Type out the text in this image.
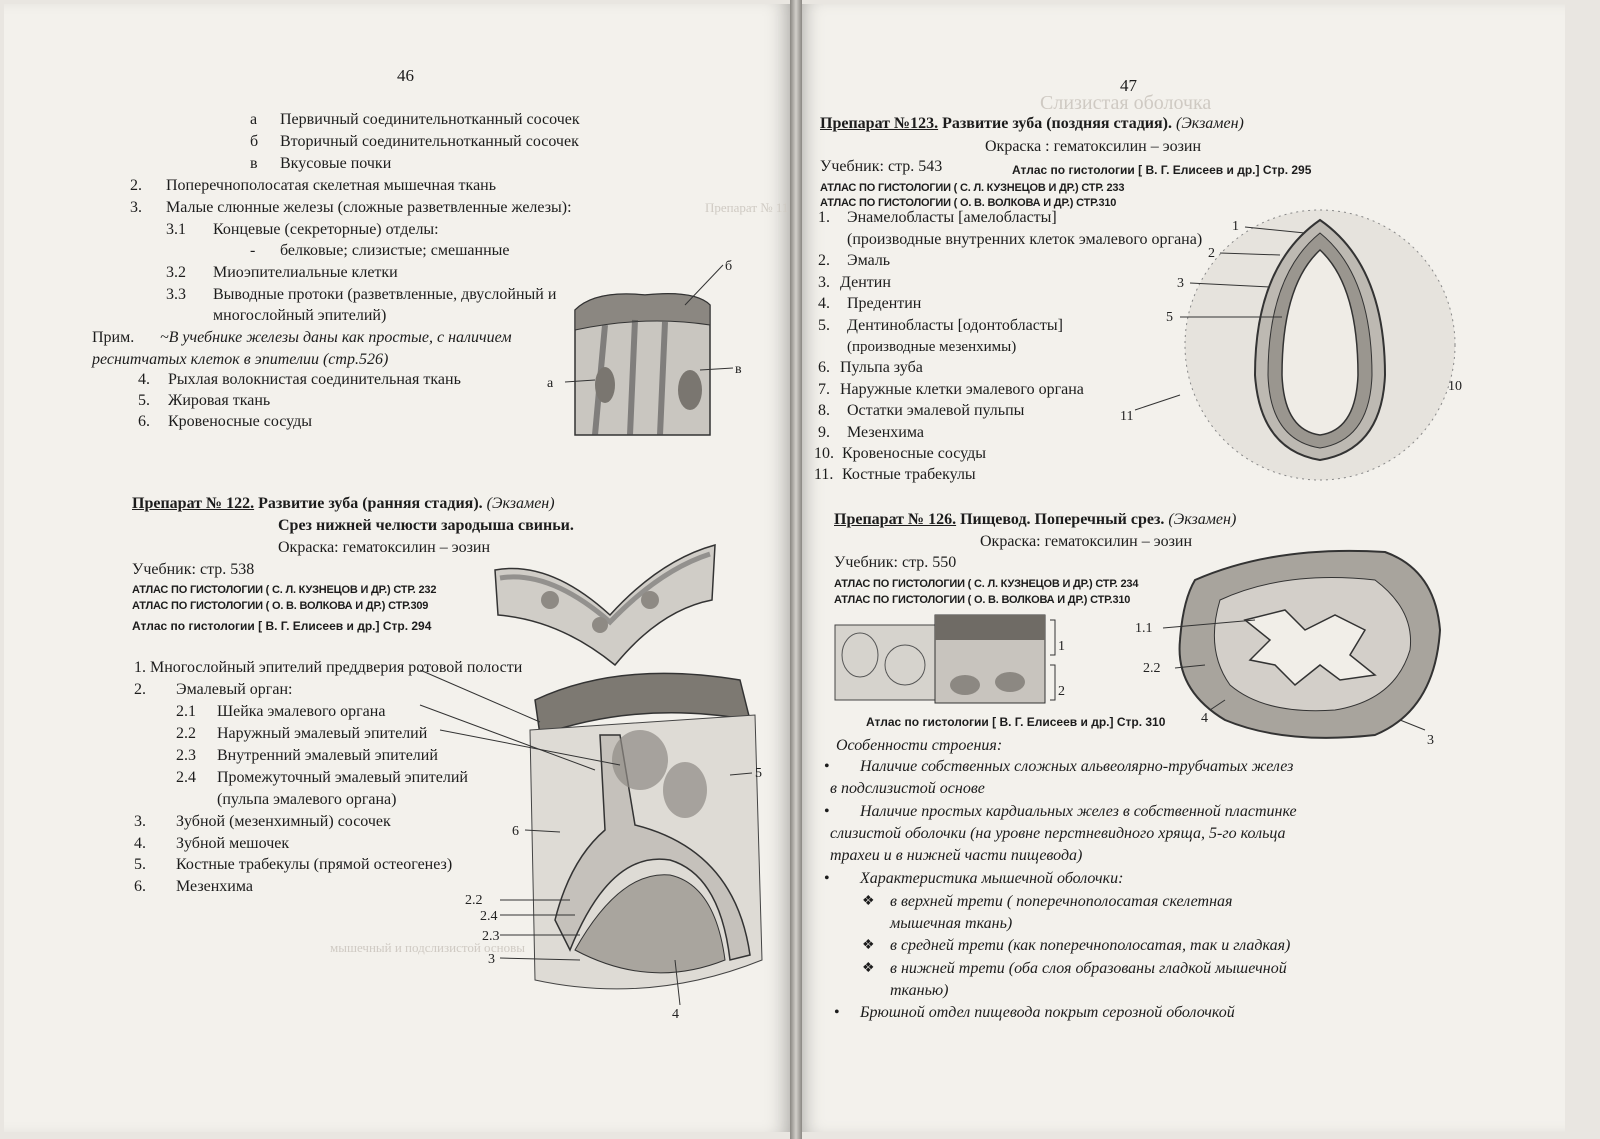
Препарат № 11
мышечный и подслизистой основы
Слизистая оболочка
46
а Первичный соединительнотканный сосочек
б Вторичный соединительнотканный сосочек
в Вкусовые почки
2. Поперечнополосатая скелетная мышечная ткань
3. Малые слюнные железы (сложные разветвленные железы):
3.1 Концевые (секреторные) отделы:
- белковые; слизистые; смешанные
3.2 Миоэпителиальные клетки
3.3 Выводные протоки (разветвленные, двуслойный и
многослойный эпителий)
Прим. ~В учебнике железы даны как простые, с наличием
реснитчатых клеток в эпителии (стр.526)
4. Рыхлая волокнистая соединительная ткань
5. Жировая ткань
6. Кровеносные сосуды
б
а
в
Препарат № 122. Развитие зуба (ранняя стадия). (Экзамен)
Срез нижней челюсти зародыша свиньи.
Окраска: гематоксилин – эозин
Учебник: стр. 538
АТЛАС ПО ГИСТОЛОГИИ ( С. Л. КУЗНЕЦОВ И ДР.) СТР. 232
АТЛАС ПО ГИСТОЛОГИИ ( О. В. ВОЛКОВА И ДР.) СТР.309
Атлас по гистологии [ В. Г. Елисеев и др.] Стр. 294
1. Многослойный эпителий преддверия ротовой полости
2. Эмалевый орган:
2.1 Шейка эмалевого органа
2.2 Наружный эмалевый эпителий
2.3 Внутренний эмалевый эпителий
2.4 Промежуточный эмалевый эпителий
(пульпа эмалевого органа)
3. Зубной (мезенхимный) сосочек
4. Зубной мешочек
5. Костные трабекулы (прямой остеогенез)
6. Мезенхима
5
6
2.2
2.4
2.3
3
4
47
Препарат №123. Развитие зуба (поздняя стадия). (Экзамен)
Окраска : гематоксилин – эозин
Учебник: стр. 543	Атлас по гистологии [ В. Г. Елисеев и др.] Стр. 295
АТЛАС ПО ГИСТОЛОГИИ ( С. Л. КУЗНЕЦОВ И ДР.) СТР. 233
АТЛАС ПО ГИСТОЛОГИИ ( О. В. ВОЛКОВА И ДР.) СТР.310
1. Энамелобласты [амелобласты]
(производные внутренних клеток эмалевого органа)
2. Эмаль
3. Дентин
4. Предентин
5. Дентинобласты [одонтобласты]
(производные мезенхимы)
6. Пульпа зуба
7. Наружные клетки эмалевого органа
8. Остатки эмалевой пульпы
9. Мезенхима
10. Кровеносные сосуды
11. Костные трабекулы
1
2
3
5
10
11
Препарат № 126. Пищевод. Поперечный срез. (Экзамен)
Окраска: гематоксилин – эозин
Учебник: стр. 550
АТЛАС ПО ГИСТОЛОГИИ ( С. Л. КУЗНЕЦОВ И ДР.) СТР. 234
АТЛАС ПО ГИСТОЛОГИИ ( О. В. ВОЛКОВА И ДР.) СТР.310
1
2
Атлас по гистологии [ В. Г. Елисеев и др.] Стр. 310
1.1
2.2
4
3
Особенности строения:
• Наличие собственных сложных альвеолярно-трубчатых желез
в подслизистой основе
• Наличие простых кардиальных желез в собственной пластинке
слизистой оболочки (на уровне перстневидного хряща, 5-го кольца
трахеи и в нижней части пищевода)
• Характеристика мышечной оболочки:
❖ в верхней трети ( поперечнополосатая скелетная
мышечная ткань)
❖ в средней трети (как поперечнополосатая, так и гладкая)
❖ в нижней трети (оба слоя образованы гладкой мышечной
тканью)
• Брюшной отдел пищевода покрыт серозной оболочкой
